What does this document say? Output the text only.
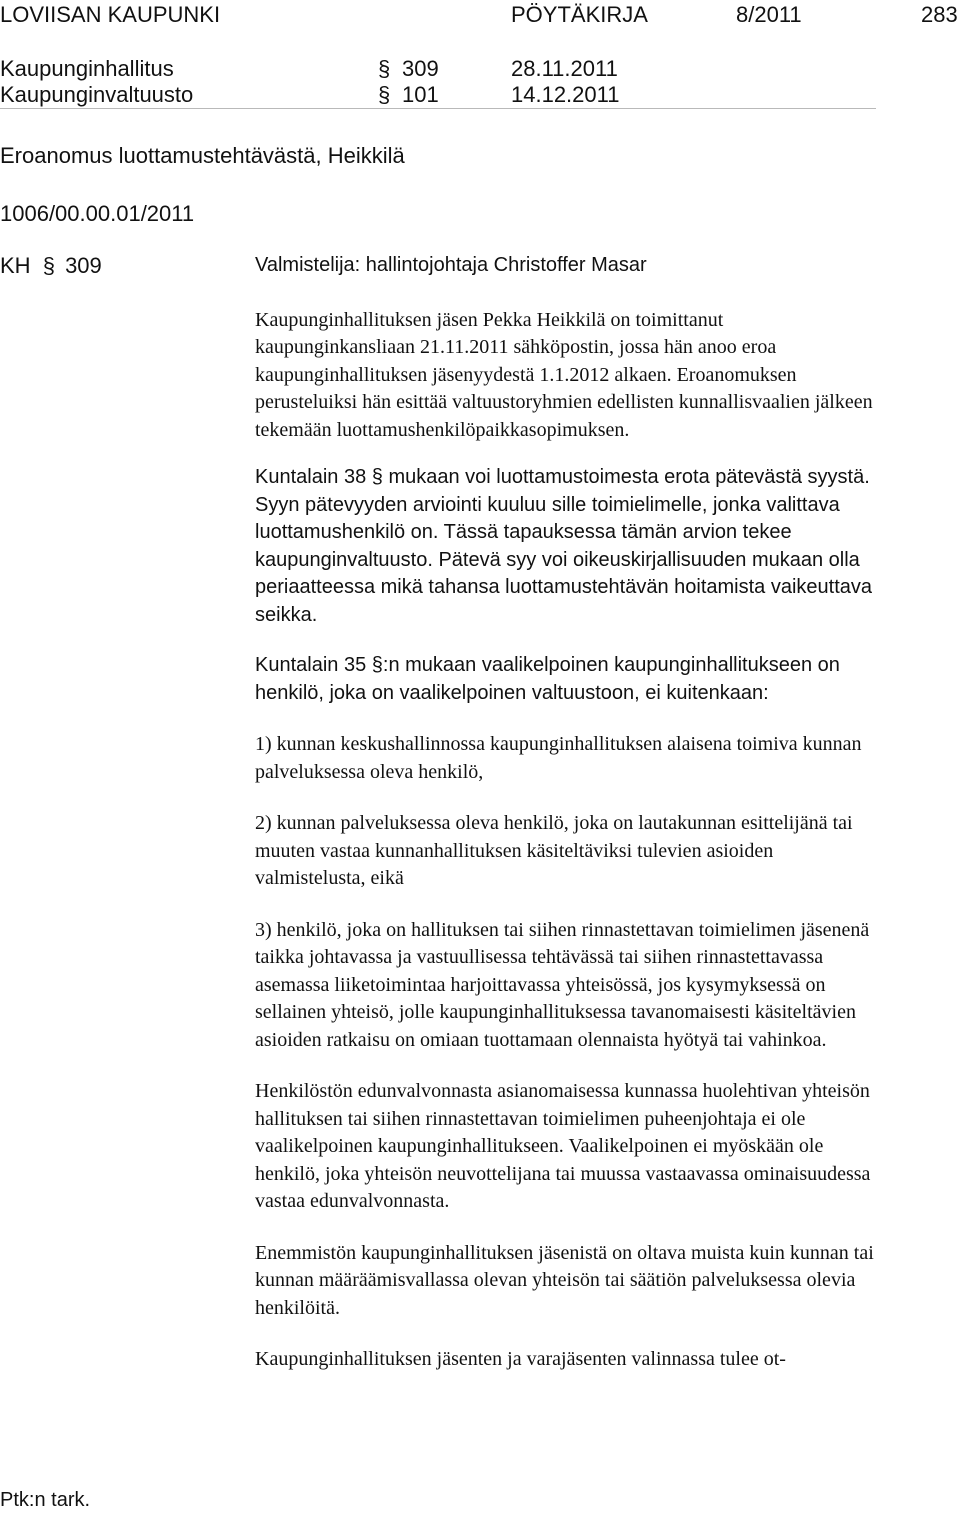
LOVIISAN KAUPUNKI	PÖYTÄKIRJA	8/2011	283
Kaupunginhallitus	§ 309	28.11.2011
Kaupunginvaltuusto	§ 101	14.12.2011
Eroanomus luottamustehtävästä, Heikkilä
1006/00.00.01/2011
KH § 309	Valmistelija: hallintojohtaja Christoffer Masar

Kaupunginhallituksen jäsen Pekka Heikkilä on toimittanut kaupunginkansliaan 21.11.2011 sähköpostin, jossa hän anoo eroa kaupunginhallituksen jäsenyydestä 1.1.2012 alkaen. Eroanomuksen perusteluiksi hän esittää valtuustoryhmien edellisten kunnallisvaalien jälkeen tekemään luottamushenkilöpaikkasopimuksen.

Kuntalain 38 § mukaan voi luottamustoimesta erota pätevästä syystä. Syyn pätevyyden arviointi kuuluu sille toimielimelle, jonka valittava luottamushenkilö on. Tässä tapauksessa tämän arvion tekee kaupunginvaltuusto. Pätevä syy voi oikeuskirjallisuuden mukaan olla periaatteessa mikä tahansa luottamustehtävän hoitamista vaikeuttava seikka.

Kuntalain 35 §:n mukaan vaalikelpoinen kaupunginhallitukseen on henkilö, joka on vaalikelpoinen valtuustoon, ei kuitenkaan:

1) kunnan keskushallinnossa kaupunginhallituksen alaisena toimiva kunnan palveluksessa oleva henkilö,

2) kunnan palveluksessa oleva henkilö, joka on lautakunnan esittelijänä tai muuten vastaa kunnanhallituksen käsiteltäviksi tulevien asioiden valmistelusta, eikä

3) henkilö, joka on hallituksen tai siihen rinnastettavan toimielimen jäsenenä taikka johtavassa ja vastuullisessa tehtävässä tai siihen rinnastettavassa asemassa liiketoimintaa harjoittavassa yhteisössä, jos kysymyksessä on sellainen yhteisö, jolle kaupunginhallituksessa tavanomaisesti käsiteltävien asioiden ratkaisu on omiaan tuottamaan olennaista hyötyä tai vahinkoa.

Henkilöstön edunvalvonnasta asianomaisessa kunnassa huolehtivan yhteisön hallituksen tai siihen rinnastettavan toimielimen puheenjohtaja ei ole vaalikelpoinen kaupunginhallitukseen. Vaalikelpoinen ei myöskään ole henkilö, joka yhteisön neuvottelijana tai muussa vastaavassa ominaisuudessa vastaa edunvalvonnasta.

Enemmistön kaupunginhallituksen jäsenistä on oltava muista kuin kunnan tai kunnan määräämisvallassa olevan yhteisön tai säätiön palveluksessa olevia henkilöitä.

Kaupunginhallituksen jäsenten ja varajäsenten valinnassa tulee ot-

Ptk:n tark.
